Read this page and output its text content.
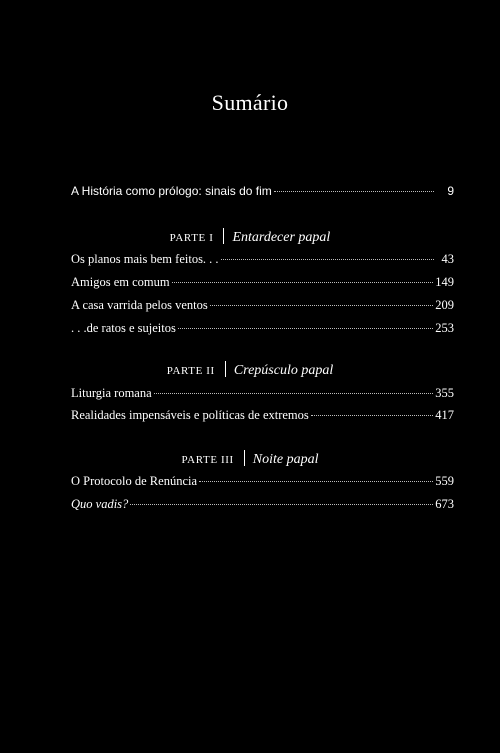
Sumário
A História como prólogo: sinais do fim	9
PARTE I Entardecer papal
Os planos mais bem feitos. . .	43
Amigos em comum	149
A casa varrida pelos ventos	209
. . .de ratos e sujeitos	253
PARTE II Crepúsculo papal
Liturgia romana	355
Realidades impensáveis e políticas de extremos	417
PARTE III Noite papal
O Protocolo de Renúncia	559
Quo vadis?	673
